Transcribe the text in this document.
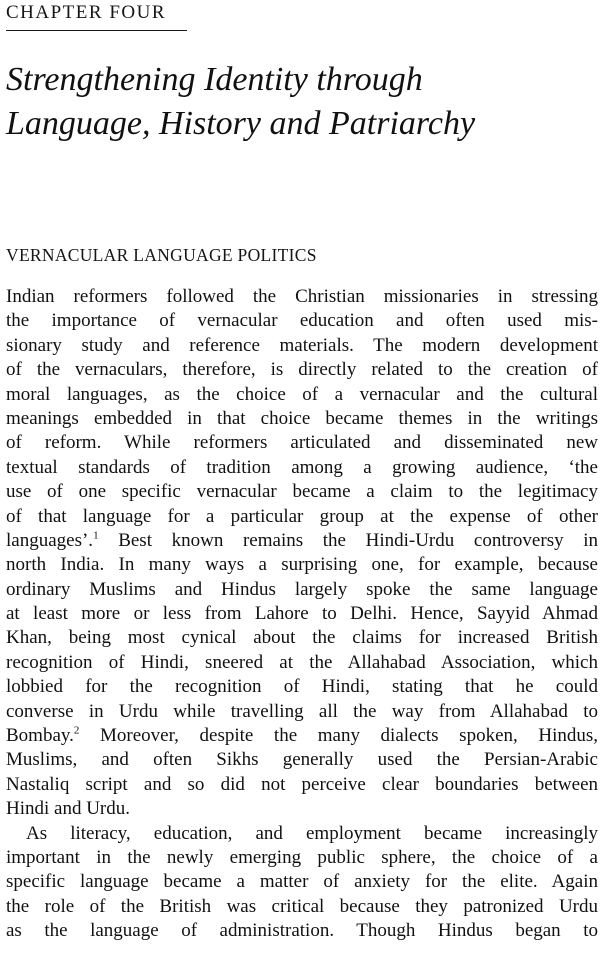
CHAPTER FOUR
Strengthening Identity through
Language, History and Patriarchy
VERNACULAR LANGUAGE POLITICS
Indian reformers followed the Christian missionaries in stressing
the importance of vernacular education and often used mis-
sionary study and reference materials. The modern development
of the vernaculars, therefore, is directly related to the creation of
moral languages, as the choice of a vernacular and the cultural
meanings embedded in that choice became themes in the writings
of reform. While reformers articulated and disseminated new
textual standards of tradition among a growing audience, ‘the
use of one specific vernacular became a claim to the legitimacy
of that language for a particular group at the expense of other
languages’.$^1$ Best known remains the Hindi-Urdu controversy in
north India. In many ways a surprising one, for example, because
ordinary Muslims and Hindus largely spoke the same language
at least more or less from Lahore to Delhi. Hence, Sayyid Ahmad
Khan, being most cynical about the claims for increased British
recognition of Hindi, sneered at the Allahabad Association, which
lobbied for the recognition of Hindi, stating that he could
converse in Urdu while travelling all the way from Allahabad to
Bombay.$^2$ Moreover, despite the many dialects spoken, Hindus,
Muslims, and often Sikhs generally used the Persian-Arabic
Nastaliq script and so did not perceive clear boundaries between
Hindi and Urdu.
As literacy, education, and employment became increasingly
important in the newly emerging public sphere, the choice of a
specific language became a matter of anxiety for the elite. Again
the role of the British was critical because they patronized Urdu
as the language of administration. Though Hindus began to
